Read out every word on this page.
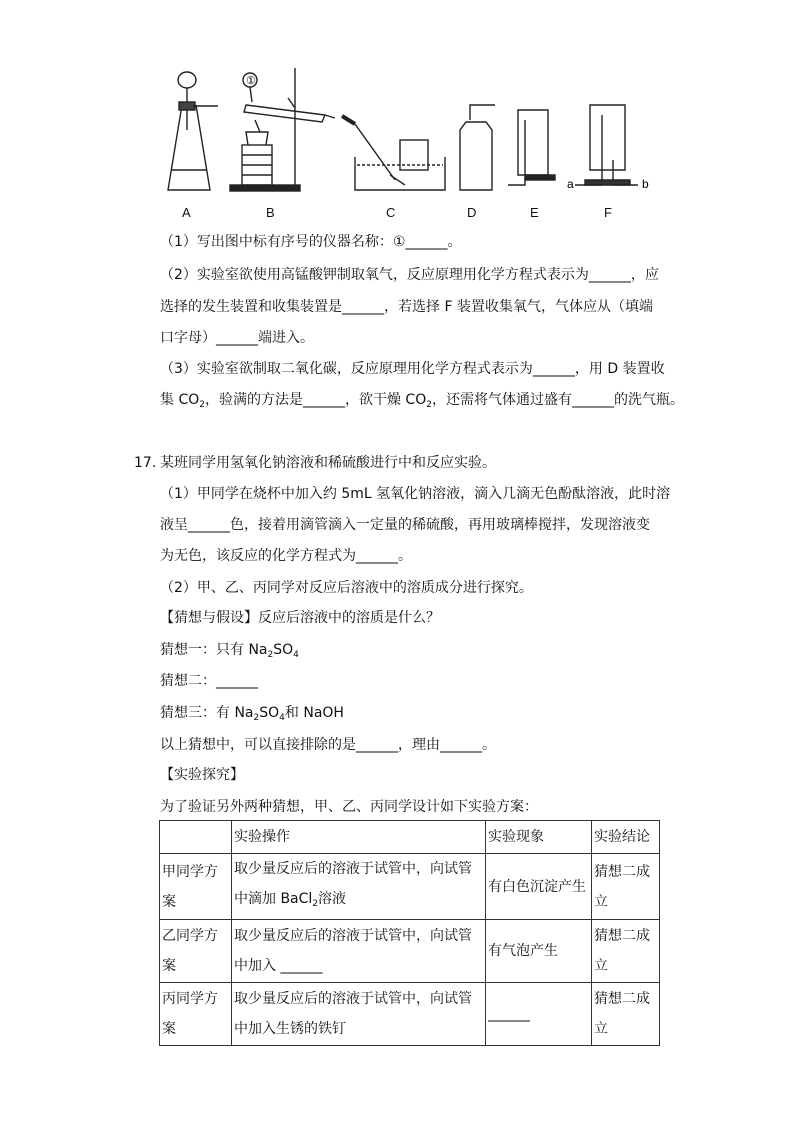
①
a	b
A	B	C	D	E	F
（1）写出图中标有序号的仪器名称：①______。
（2）实验室欲使用高锰酸钾制取氧气，反应原理用化学方程式表示为______，应
选择的发生装置和收集装置是______，若选择 F 装置收集氧气，气体应从（填端
口字母）______端进入。
（3）实验室欲制取二氧化碳，反应原理用化学方程式表示为______，用 D 装置收
集 $CO_2$，验满的方法是______，欲干燥 $CO_2$，还需将气体通过盛有______的洗气瓶。
17. 某班同学用氢氧化钠溶液和稀硫酸进行中和反应实验。
（1）甲同学在烧杯中加入约 5mL 氢氧化钠溶液，滴入几滴无色酚酞溶液，此时溶
液呈______色，接着用滴管滴入一定量的稀硫酸，再用玻璃棒搅拌，发现溶液变
为无色，该反应的化学方程式为______。
（2）甲、乙、丙同学对反应后溶液中的溶质成分进行探究。
【猜想与假设】反应后溶液中的溶质是什么？
猜想一：只有 $Na_2SO_4$
猜想二：______
猜想三：有 $Na_2SO_4$和 NaOH
以上猜想中，可以直接排除的是______，理由______。
【实验探究】
为了验证另外两种猜想，甲、乙、丙同学设计如下实验方案：
	实验操作	实验现象	实验结论

甲同学方
案	取少量反应后的溶液于试管中，向试管
中滴加 BaCl$_2$溶液	有白色沉淀产生	猜想二成
立

乙同学方
案	取少量反应后的溶液于试管中，向试管
中加入 ______	有气泡产生	猜想二成
立

丙同学方
案	取少量反应后的溶液于试管中，向试管
中加入生锈的铁钉	______	猜想二成
立
